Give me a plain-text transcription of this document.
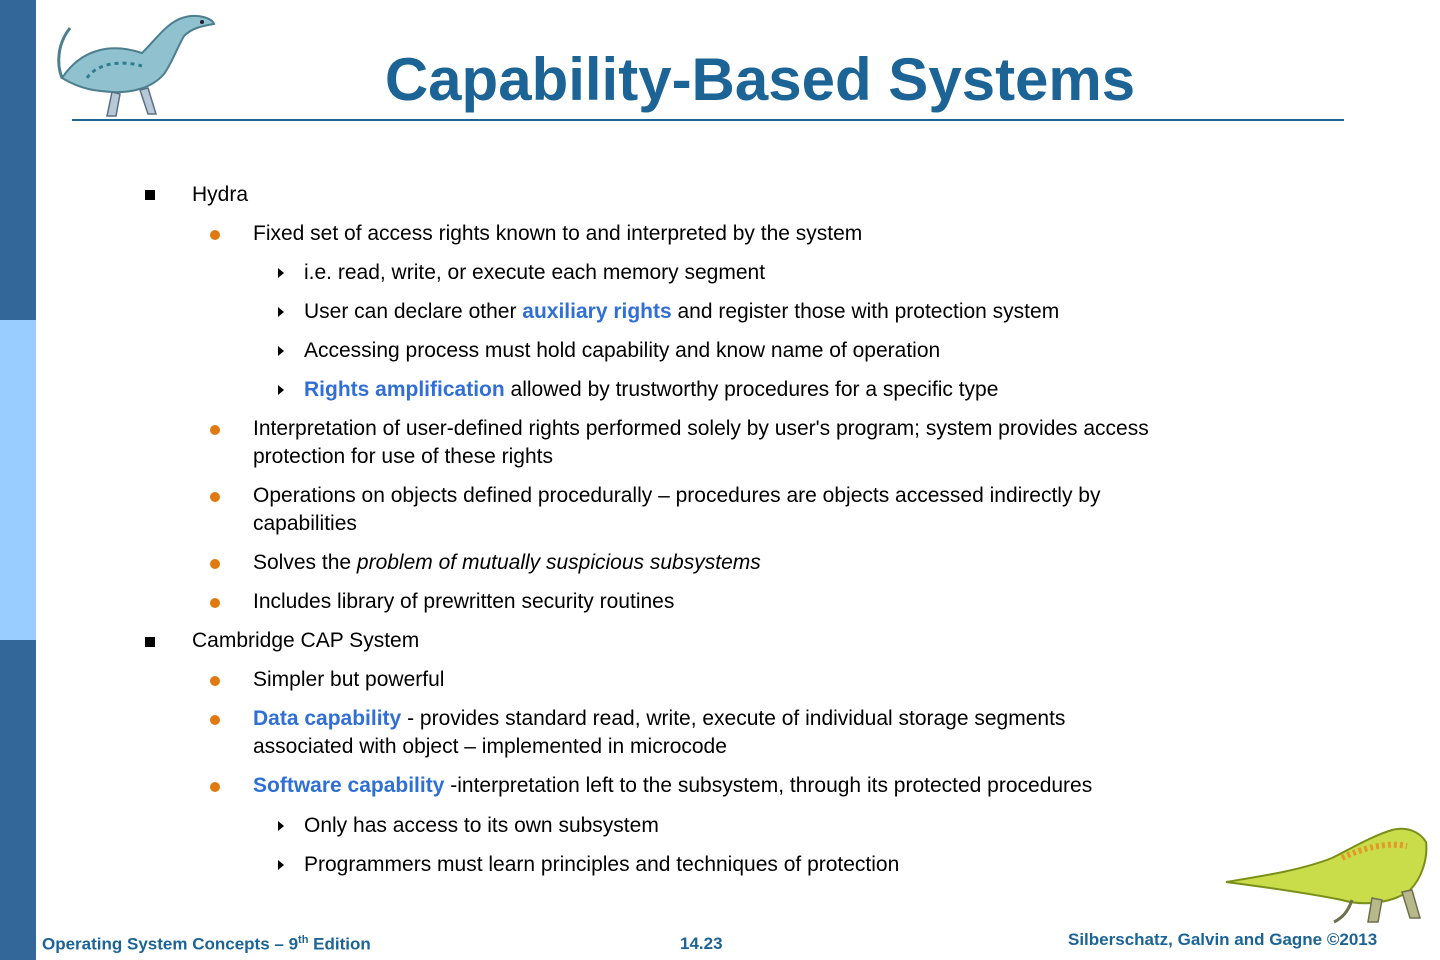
Capability-Based Systems
Hydra
Fixed set of access rights known to and interpreted by the system
i.e. read, write, or execute each memory segment
User can declare other auxiliary rights and register those with protection system
Accessing process must hold capability and know name of operation
Rights amplification allowed by trustworthy procedures for a specific type
Interpretation of user-defined rights performed solely by user's program; system provides access
protection for use of these rights
Operations on objects defined procedurally – procedures are objects accessed indirectly by
capabilities
Solves the problem of mutually suspicious subsystems
Includes library of prewritten security routines
Cambridge CAP System
Simpler but powerful
Data capability - provides standard read, write, execute of individual storage segments
associated with object – implemented in microcode
Software capability -interpretation left to the subsystem, through its protected procedures
Only has access to its own subsystem
Programmers must learn principles and techniques of protection
Operating System Concepts – 9th Edition	14.23	Silberschatz, Galvin and Gagne ©2013
